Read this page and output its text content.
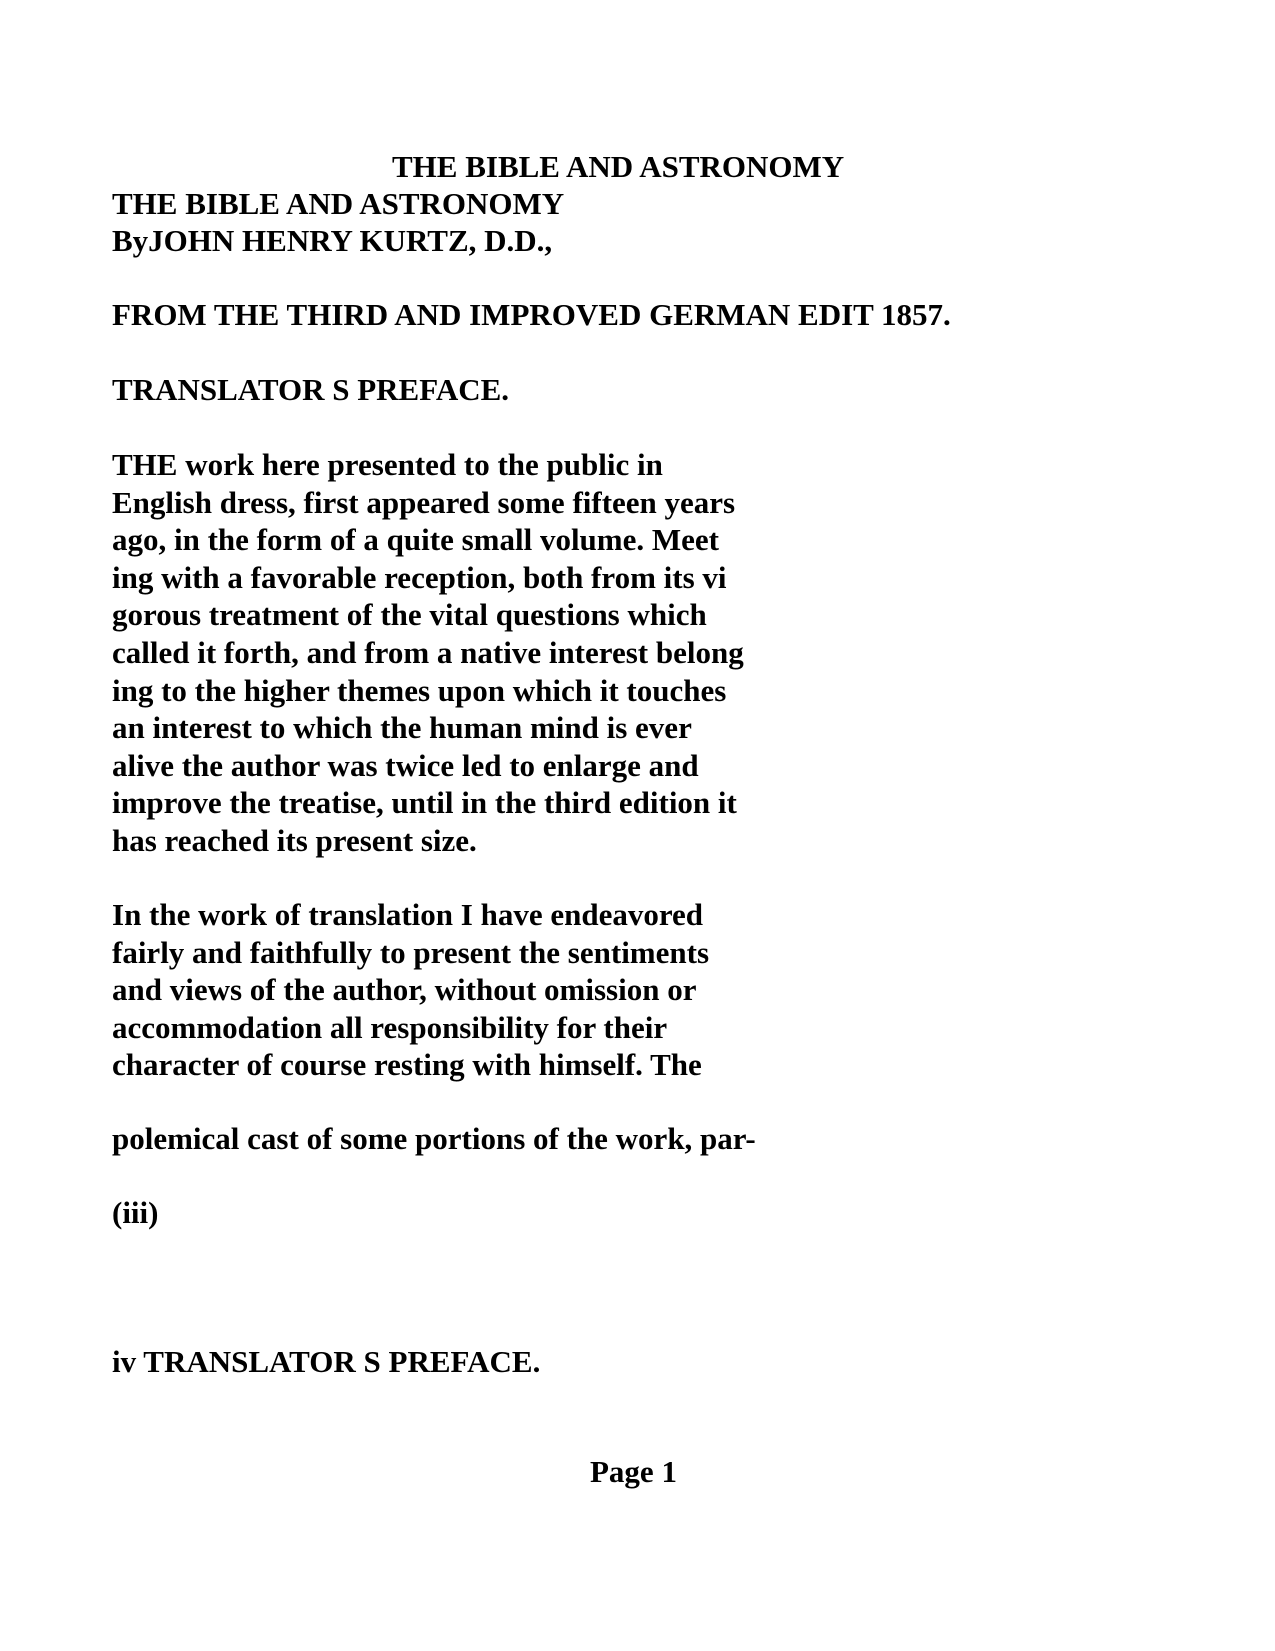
THE BIBLE AND ASTRONOMY
THE BIBLE AND ASTRONOMY
ByJOHN HENRY KURTZ, D.D.,
FROM THE THIRD AND IMPROVED GERMAN EDIT 1857.
TRANSLATOR S PREFACE.
THE work here presented to the public in
English dress, first appeared some fifteen years
ago, in the form of a quite small volume. Meet
ing with a favorable reception, both from its vi
gorous treatment of the vital questions which
called it forth, and from a native interest belong
ing to the higher themes upon which it touches
an interest to which the human mind is ever
alive the author was twice led to enlarge and
improve the treatise, until in the third edition it
has reached its present size.
In the work of translation I have endeavored
fairly and faithfully to present the sentiments
and views of the author, without omission or
accommodation all responsibility for their
character of course resting with himself. The
polemical cast of some portions of the work, par-
(iii)
iv TRANSLATOR S PREFACE.
Page 1
